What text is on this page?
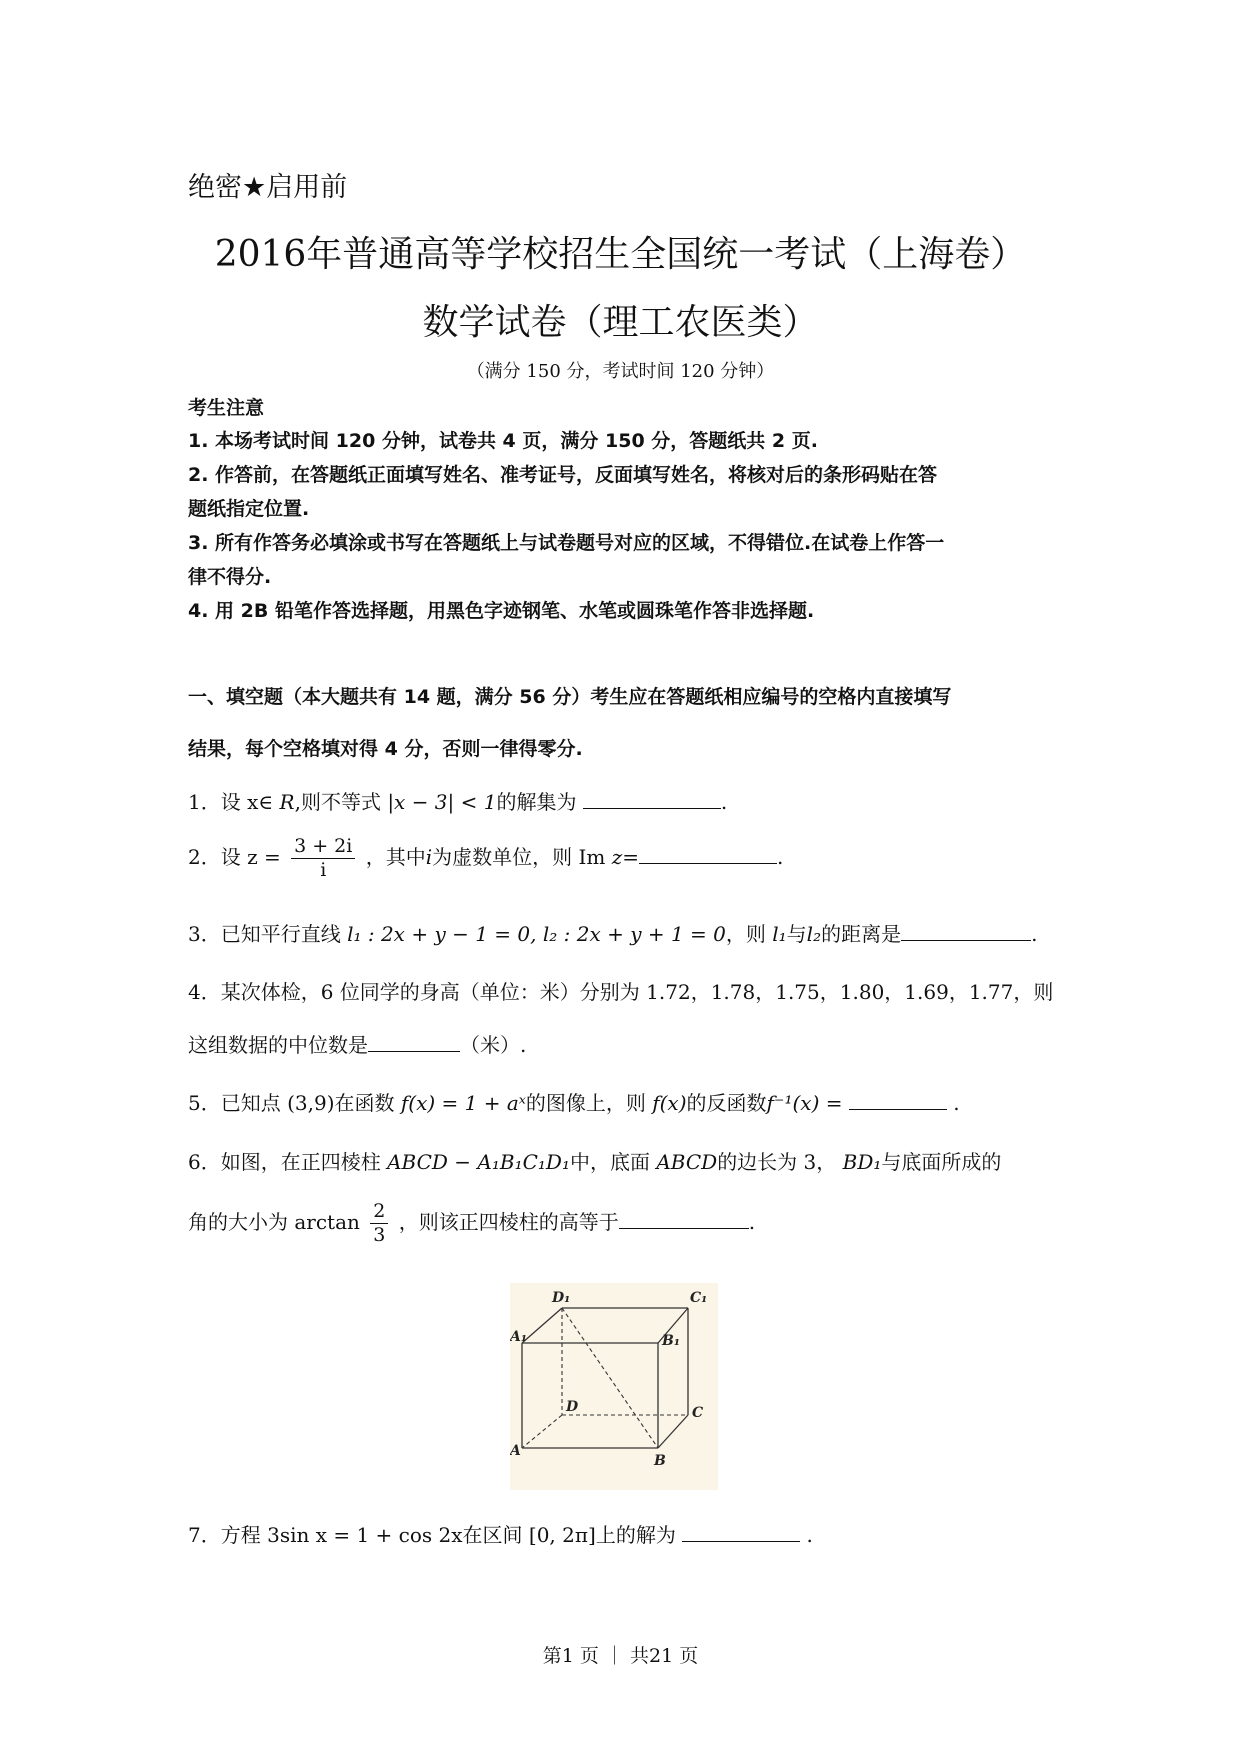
绝密★启用前
2016年普通高等学校招生全国统一考试（上海卷）
数学试卷（理工农医类）
（满分 150 分，考试时间 120 分钟）
考生注意
1. 本场考试时间 120 分钟，试卷共 4 页，满分 150 分，答题纸共 2 页.
2. 作答前，在答题纸正面填写姓名、准考证号，反面填写姓名，将核对后的条形码贴在答
题纸指定位置.
3. 所有作答务必填涂或书写在答题纸上与试卷题号对应的区域，不得错位.在试卷上作答一
律不得分.
4. 用 2B 铅笔作答选择题，用黑色字迹钢笔、水笔或圆珠笔作答非选择题.
一、填空题（本大题共有 14 题，满分 56 分）考生应在答题纸相应编号的空格内直接填写
结果，每个空格填对得 4 分，否则一律得零分.
1．设 x∈ R,则不等式 |x − 3| < 1的解集为	.
2．设 $z = \frac{3 + 2i}{i}$ ，其中i为虚数单位，则 Im z=	.
3．已知平行直线 l₁ : 2x + y − 1 = 0, l₂ : 2x + y + 1 = 0，则 l₁与l₂的距离是	.
4．某次体检，6 位同学的身高（单位：米）分别为 1.72，1.78，1.75，1.80，1.69，1.77，则
这组数据的中位数是	（米）.
5．已知点 (3,9)在函数 f(x) = 1 + aˣ的图像上，则 f(x)的反函数f⁻¹(x) =	.
6．如图，在正四棱柱 ABCD − A₁B₁C₁D₁中，底面 ABCD的边长为 3， BD₁与底面所成的
角的大小为 $\arctan \frac{2}{3}$ ，则该正四棱柱的高等于	.
D₁	C₁
A₁	B₁
D	C
A
B
7．方程 3sin x = 1 + cos 2x在区间 [0, 2π]上的解为	.
第1 页 ｜ 共21 页
